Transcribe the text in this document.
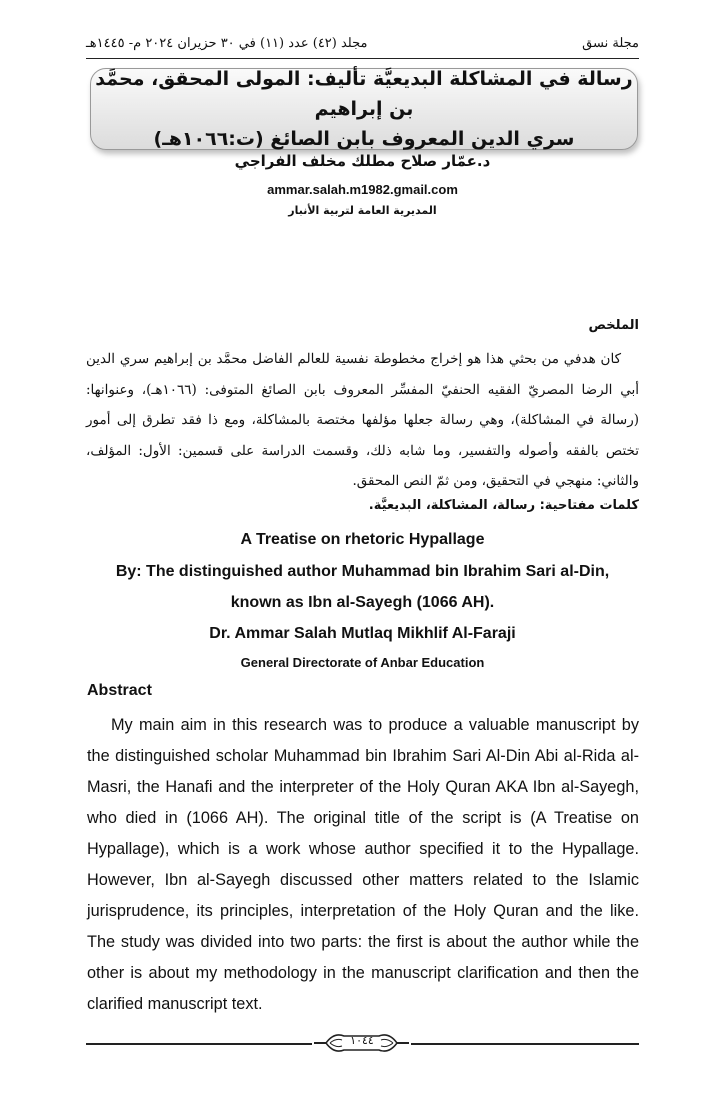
مجلة نسق
مجلد (٤٢) عدد (١١) في ٣٠ حزيران ٢٠٢٤ م- ١٤٤٥هـ
رسالة في المشاكلة البديعيَّة تأليف: المولى المحقق، محمَّد بن إبراهيم
سري الدين المعروف بابن الصائغ (ت:١٠٦٦هـ)
د.عمّار صلاح مطلك مخلف الفراجي
ammar.salah.m1982.gmail.com
المديرية العامة لتربية الأنبار
الملخص

كان هدفي من بحثي هذا هو إخراج مخطوطة نفسية للعالم الفاضل محمَّد بن إبراهيم سري الدين أبي الرضا المصريّ الفقيه الحنفيّ المفسِّر المعروف بابن الصائغ المتوفى: (١٠٦٦هـ)، وعنوانها: (رسالة في المشاكلة)، وهي رسالة جعلها مؤلفها مختصة بالمشاكلة، ومع ذا فقد تطرق إلى أمور تختص بالفقه وأصوله والتفسير، وما شابه ذلك، وقسمت الدراسة على قسمين: الأول: المؤلف، والثاني: منهجي في التحقيق، ومن ثمّ النص المحقق.

كلمات مفتاحية: رسالة، المشاكلة، البديعيَّة.
A Treatise on rhetoric Hypallage
By: The distinguished author Muhammad bin Ibrahim Sari al-Din,
known as Ibn al-Sayegh (1066 AH).
Dr. Ammar Salah Mutlaq Mikhlif Al-Faraji
General Directorate of Anbar Education
Abstract

My main aim in this research was to produce a valuable manuscript by the distinguished scholar Muhammad bin Ibrahim Sari Al-Din Abi al-Rida al-Masri, the Hanafi and the interpreter of the Holy Quran AKA Ibn al-Sayegh, who died in (1066 AH). The original title of the script is (A Treatise on Hypallage), which is a work whose author specified it to the Hypallage. However, Ibn al-Sayegh discussed other matters related to the Islamic jurisprudence, its principles, interpretation of the Holy Quran and the like. The study was divided into two parts: the first is about the author while the other is about my methodology in the manuscript clarification and then the clarified manuscript text.

١٠٤٤
